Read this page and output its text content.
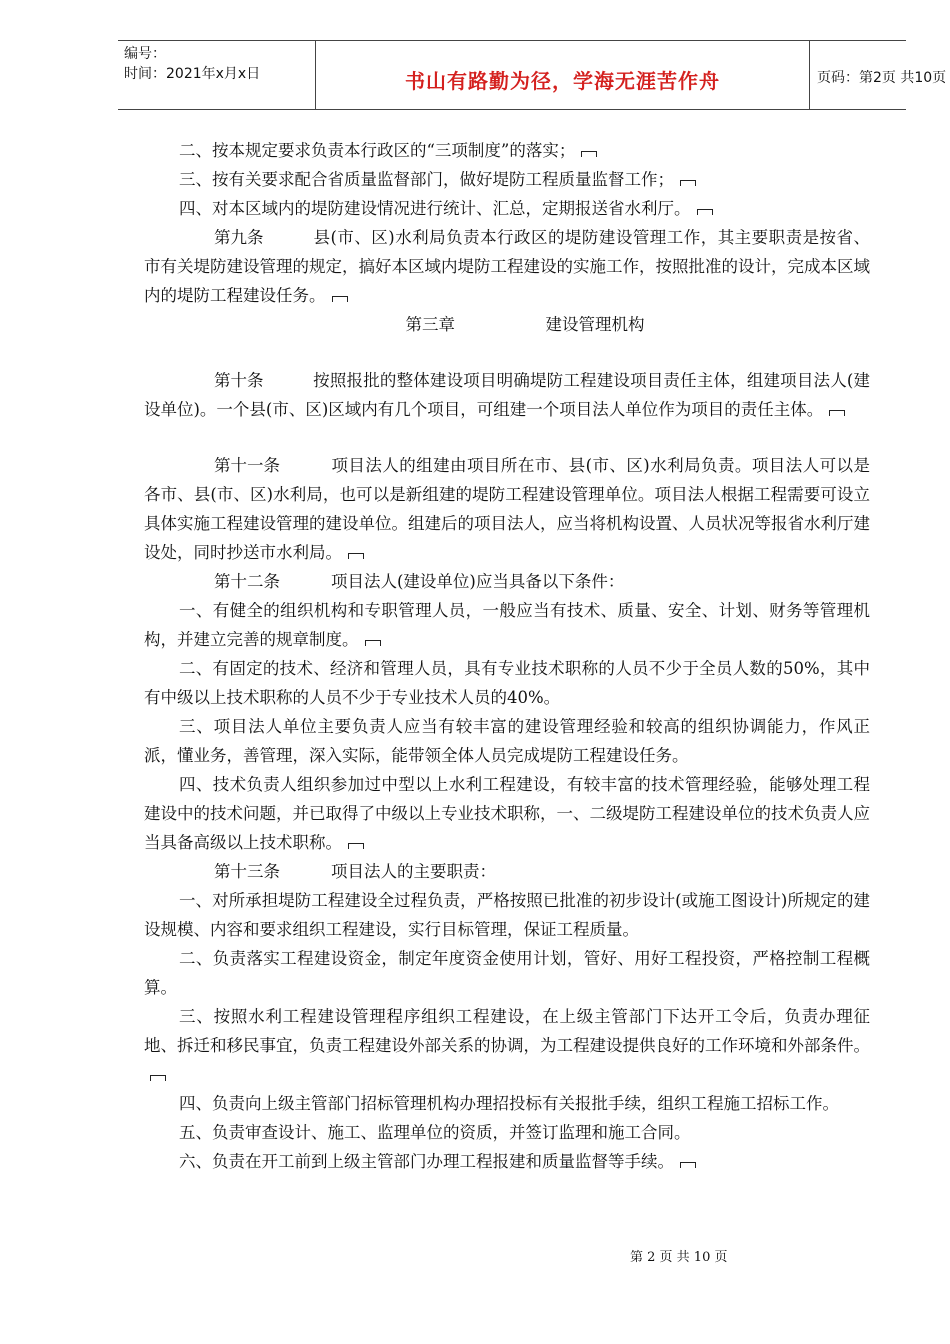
编号：
时间：2021年x月x日	书山有路勤为径，学海无涯苦作舟	页码：第2页 共10页

二、按本规定要求负责本行政区的“三项制度”的落实；

三、按有关要求配合省质量监督部门，做好堤防工程质量监督工作；

四、对本区域内的堤防建设情况进行统计、汇总，定期报送省水利厅。

第九条	县(市、区)水利局负责本行政区的堤防建设管理工作，其主要职责是按省、市有关堤防建设管理的规定，搞好本区域内堤防工程建设的实施工作，按照批准的设计，完成本区域内的堤防工程建设任务。

第三章	建设管理机构

第十条	按照报批的整体建设项目明确堤防工程建设项目责任主体，组建项目法人(建设单位)。一个县(市、区)区域内有几个项目，可组建一个项目法人单位作为项目的责任主体。

第十一条	项目法人的组建由项目所在市、县(市、区)水利局负责。项目法人可以是各市、县(市、区)水利局，也可以是新组建的堤防工程建设管理单位。项目法人根据工程需要可设立具体实施工程建设管理的建设单位。组建后的项目法人，应当将机构设置、人员状况等报省水利厅建设处，同时抄送市水利局。

第十二条	项目法人(建设单位)应当具备以下条件：

一、有健全的组织机构和专职管理人员，一般应当有技术、质量、安全、计划、财务等管理机构，并建立完善的规章制度。

二、有固定的技术、经济和管理人员，具有专业技术职称的人员不少于全员人数的50%，其中有中级以上技术职称的人员不少于专业技术人员的40%。

三、项目法人单位主要负责人应当有较丰富的建设管理经验和较高的组织协调能力，作风正派，懂业务，善管理，深入实际，能带领全体人员完成堤防工程建设任务。

四、技术负责人组织参加过中型以上水利工程建设，有较丰富的技术管理经验，能够处理工程建设中的技术问题，并已取得了中级以上专业技术职称，一、二级堤防工程建设单位的技术负责人应当具备高级以上技术职称。

第十三条	项目法人的主要职责：

一、对所承担堤防工程建设全过程负责，严格按照已批准的初步设计(或施工图设计)所规定的建设规模、内容和要求组织工程建设，实行目标管理，保证工程质量。

二、负责落实工程建设资金，制定年度资金使用计划，管好、用好工程投资，严格控制工程概算。

三、按照水利工程建设管理程序组织工程建设，在上级主管部门下达开工令后，负责办理征地、拆迁和移民事宜，负责工程建设外部关系的协调，为工程建设提供良好的工作环境和外部条件。

四、负责向上级主管部门招标管理机构办理招投标有关报批手续，组织工程施工招标工作。

五、负责审查设计、施工、监理单位的资质，并签订监理和施工合同。

六、负责在开工前到上级主管部门办理工程报建和质量监督等手续。

第 2 页 共 10 页
